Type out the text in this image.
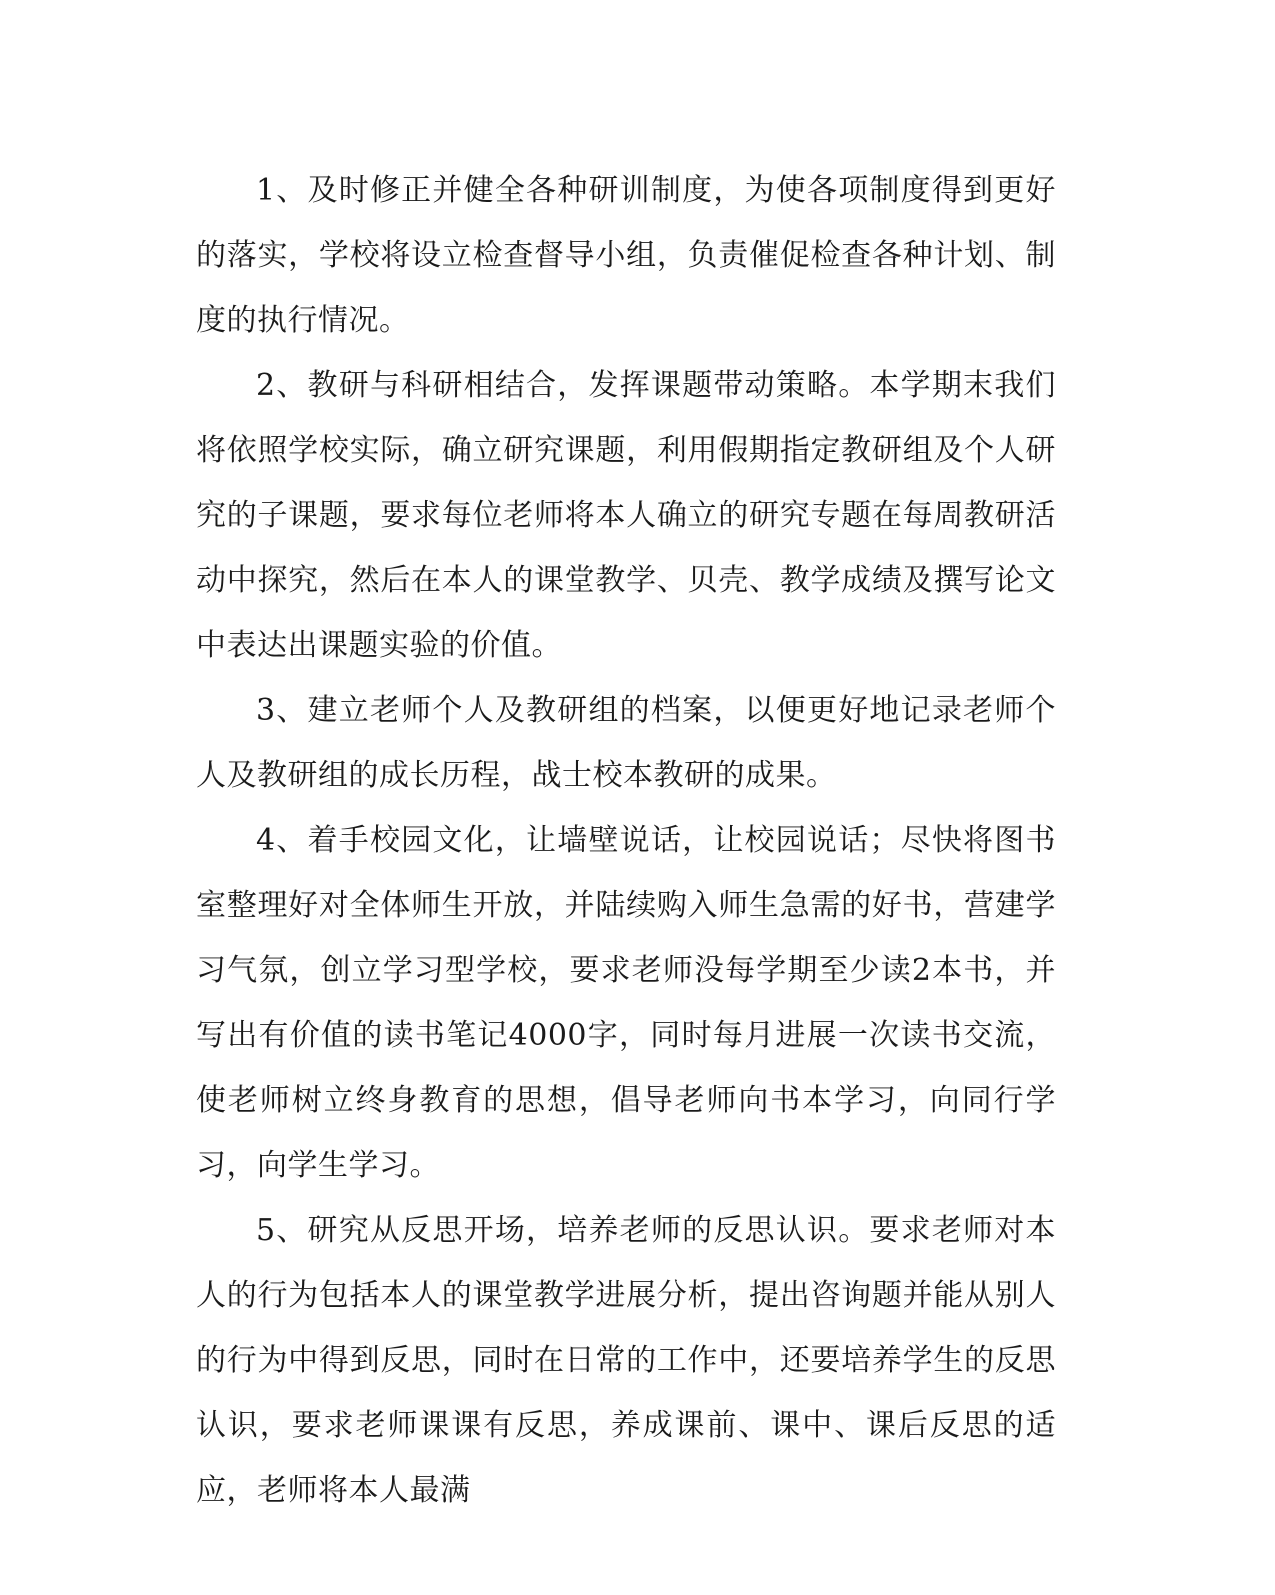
1、及时修正并健全各种研训制度，为使各项制度得到更好的落实，学校将设立检查督导小组，负责催促检查各种计划、制度的执行情况。

2、教研与科研相结合，发挥课题带动策略。本学期末我们将依照学校实际，确立研究课题，利用假期指定教研组及个人研究的子课题，要求每位老师将本人确立的研究专题在每周教研活动中探究，然后在本人的课堂教学、贝壳、教学成绩及撰写论文中表达出课题实验的价值。

3、建立老师个人及教研组的档案，以便更好地记录老师个人及教研组的成长历程，战士校本教研的成果。

4、着手校园文化，让墙壁说话，让校园说话；尽快将图书室整理好对全体师生开放，并陆续购入师生急需的好书，营建学习气氛，创立学习型学校，要求老师没每学期至少读2本书，并写出有价值的读书笔记4000字，同时每月进展一次读书交流，使老师树立终身教育的思想，倡导老师向书本学习，向同行学习，向学生学习。

5、研究从反思开场，培养老师的反思认识。要求老师对本人的行为包括本人的课堂教学进展分析，提出咨询题并能从别人的行为中得到反思，同时在日常的工作中，还要培养学生的反思认识，要求老师课课有反思，养成课前、课中、课后反思的适应，老师将本人最满
